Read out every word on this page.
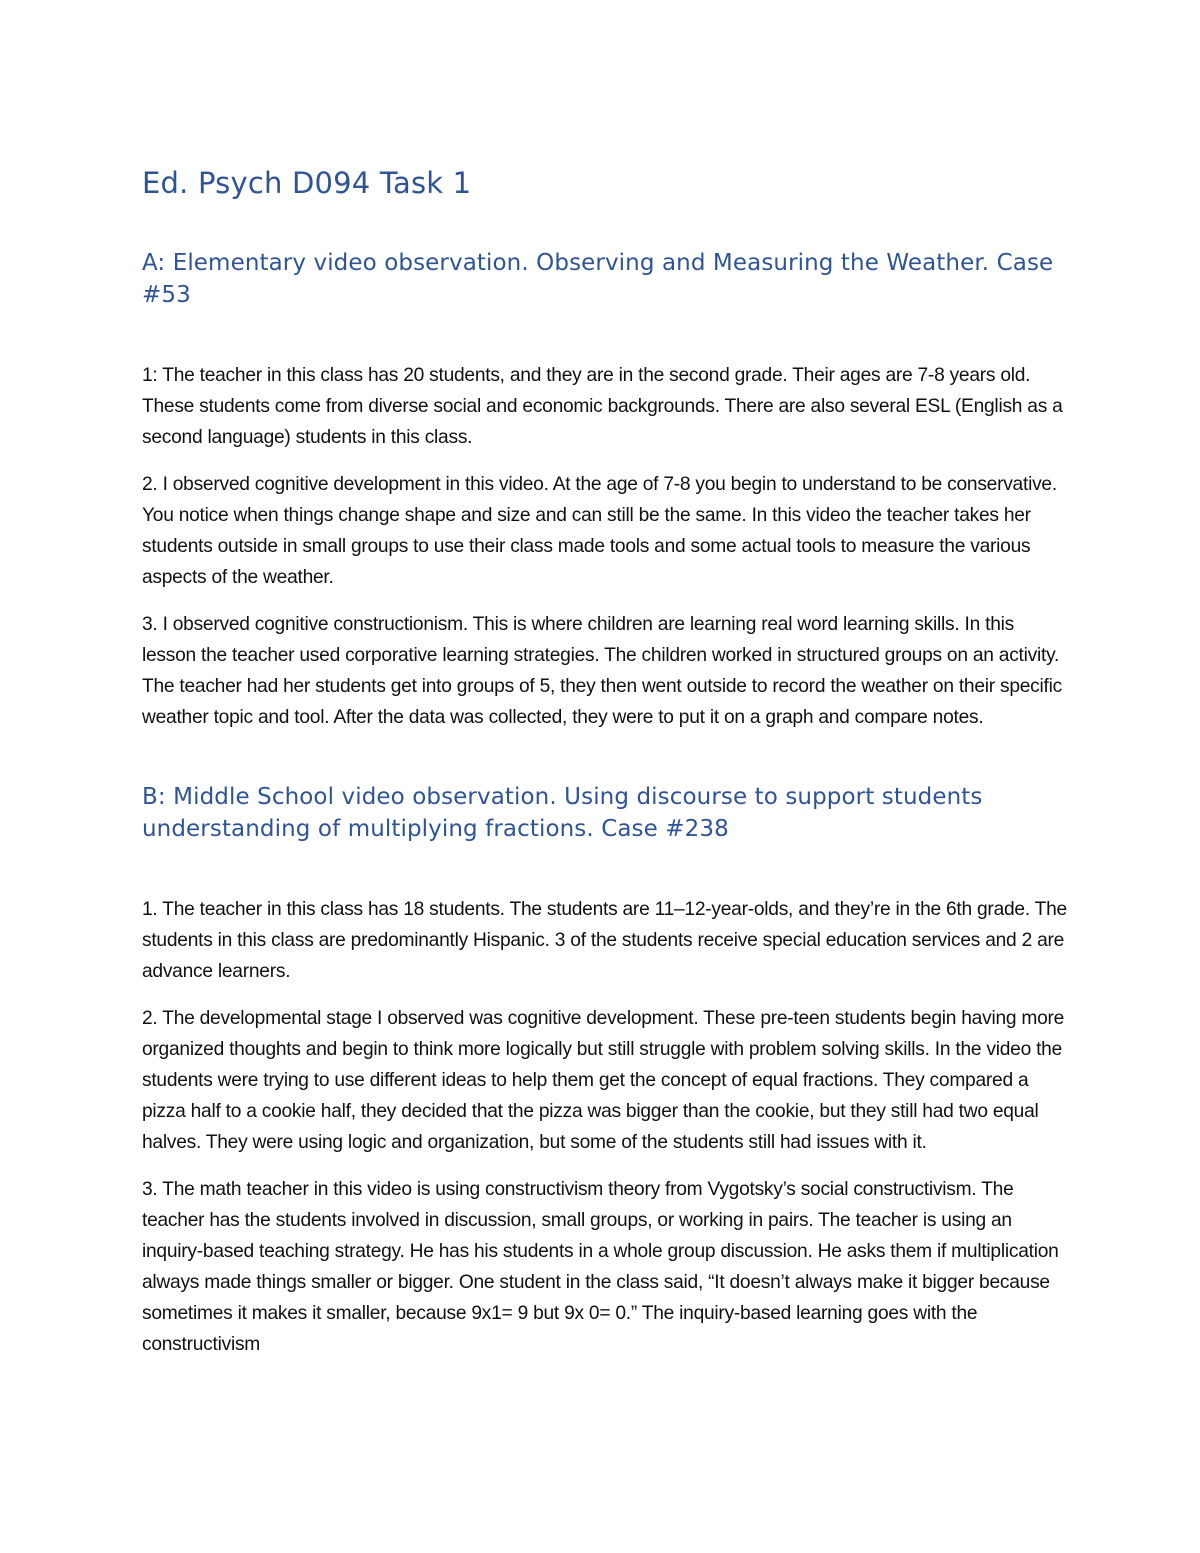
Ed. Psych D094 Task 1
A: Elementary video observation. Observing and Measuring the Weather. Case #53

1: The teacher in this class has 20 students, and they are in the second grade. Their ages are 7-8 years old. These students come from diverse social and economic backgrounds. There are also several ESL (English as a second language) students in this class.

2. I observed cognitive development in this video. At the age of 7-8 you begin to understand to be conservative. You notice when things change shape and size and can still be the same. In this video the teacher takes her students outside in small groups to use their class made tools and some actual tools to measure the various aspects of the weather.

3. I observed cognitive constructionism. This is where children are learning real word learning skills. In this lesson the teacher used corporative learning strategies. The children worked in structured groups on an activity. The teacher had her students get into groups of 5, they then went outside to record the weather on their specific weather topic and tool. After the data was collected, they were to put it on a graph and compare notes.

B: Middle School video observation. Using discourse to support students understanding of multiplying fractions. Case #238

1. The teacher in this class has 18 students. The students are 11–12-year-olds, and they’re in the 6th grade. The students in this class are predominantly Hispanic. 3 of the students receive special education services and 2 are advance learners.

2. The developmental stage I observed was cognitive development. These pre-teen students begin having more organized thoughts and begin to think more logically but still struggle with problem solving skills. In the video the students were trying to use different ideas to help them get the concept of equal fractions. They compared a pizza half to a cookie half, they decided that the pizza was bigger than the cookie, but they still had two equal halves. They were using logic and organization, but some of the students still had issues with it.

3. The math teacher in this video is using constructivism theory from Vygotsky’s social constructivism. The teacher has the students involved in discussion, small groups, or working in pairs. The teacher is using an inquiry-based teaching strategy. He has his students in a whole group discussion. He asks them if multiplication always made things smaller or bigger. One student in the class said, “It doesn’t always make it bigger because sometimes it makes it smaller, because 9x1= 9 but 9x 0= 0.” The inquiry-based learning goes with the constructivism
